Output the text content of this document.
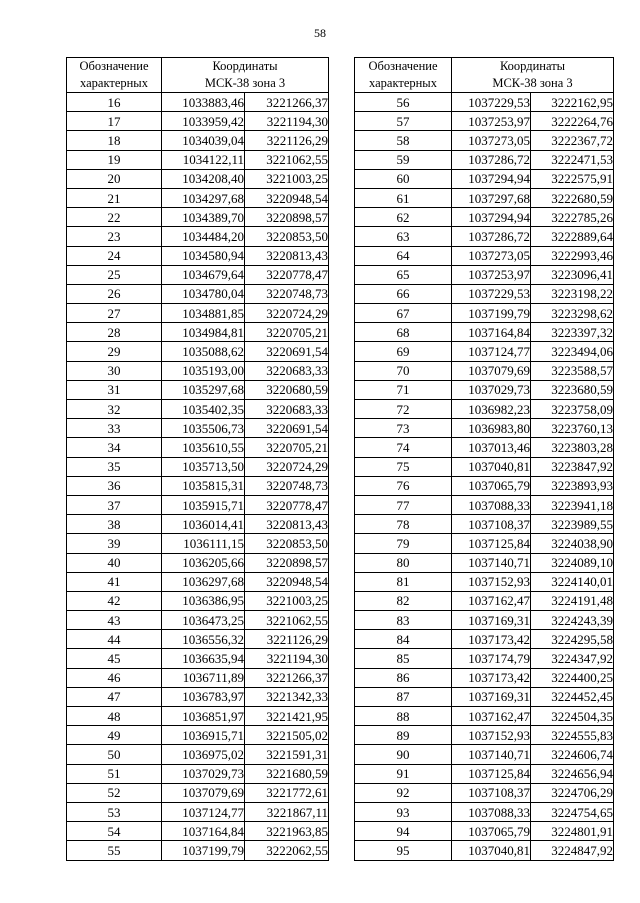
58
Обозначение	Координаты	
характерных	МСК-38 зона 3	
16	1033883,46	3221266,37
17	1033959,42	3221194,30
18	1034039,04	3221126,29
19	1034122,11	3221062,55
20	1034208,40	3221003,25
21	1034297,68	3220948,54
22	1034389,70	3220898,57
23	1034484,20	3220853,50
24	1034580,94	3220813,43
25	1034679,64	3220778,47
26	1034780,04	3220748,73
27	1034881,85	3220724,29
28	1034984,81	3220705,21
29	1035088,62	3220691,54
30	1035193,00	3220683,33
31	1035297,68	3220680,59
32	1035402,35	3220683,33
33	1035506,73	3220691,54
34	1035610,55	3220705,21
35	1035713,50	3220724,29
36	1035815,31	3220748,73
37	1035915,71	3220778,47
38	1036014,41	3220813,43
39	1036111,15	3220853,50
40	1036205,66	3220898,57
41	1036297,68	3220948,54
42	1036386,95	3221003,25
43	1036473,25	3221062,55
44	1036556,32	3221126,29
45	1036635,94	3221194,30
46	1036711,89	3221266,37
47	1036783,97	3221342,33
48	1036851,97	3221421,95
49	1036915,71	3221505,02
50	1036975,02	3221591,31
51	1037029,73	3221680,59
52	1037079,69	3221772,61
53	1037124,77	3221867,11
54	1037164,84	3221963,85
55	1037199,79	3222062,55
Обозначение	Координаты	
характерных	МСК-38 зона 3	
56	1037229,53	3222162,95
57	1037253,97	3222264,76
58	1037273,05	3222367,72
59	1037286,72	3222471,53
60	1037294,94	3222575,91
61	1037297,68	3222680,59
62	1037294,94	3222785,26
63	1037286,72	3222889,64
64	1037273,05	3222993,46
65	1037253,97	3223096,41
66	1037229,53	3223198,22
67	1037199,79	3223298,62
68	1037164,84	3223397,32
69	1037124,77	3223494,06
70	1037079,69	3223588,57
71	1037029,73	3223680,59
72	1036982,23	3223758,09
73	1036983,80	3223760,13
74	1037013,46	3223803,28
75	1037040,81	3223847,92
76	1037065,79	3223893,93
77	1037088,33	3223941,18
78	1037108,37	3223989,55
79	1037125,84	3224038,90
80	1037140,71	3224089,10
81	1037152,93	3224140,01
82	1037162,47	3224191,48
83	1037169,31	3224243,39
84	1037173,42	3224295,58
85	1037174,79	3224347,92
86	1037173,42	3224400,25
87	1037169,31	3224452,45
88	1037162,47	3224504,35
89	1037152,93	3224555,83
90	1037140,71	3224606,74
91	1037125,84	3224656,94
92	1037108,37	3224706,29
93	1037088,33	3224754,65
94	1037065,79	3224801,91
95	1037040,81	3224847,92
